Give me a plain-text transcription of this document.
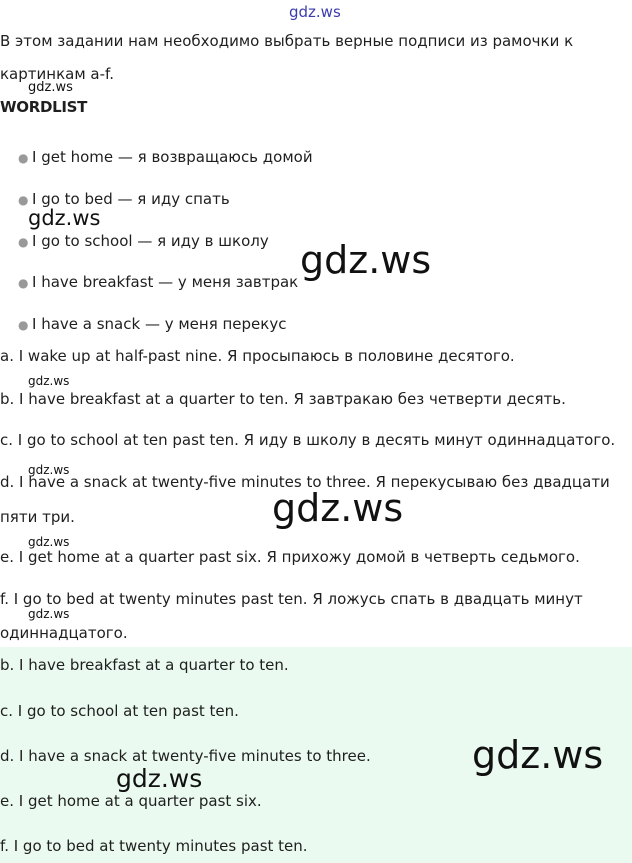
gdz.ws
В этом задании нам необходимо выбрать верные подписи из рамочки к
картинкам a-f.
gdz.ws
WORDLIST
● I get home — я возвращаюсь домой
● I go to bed — я иду спать
● I go to school — я иду в школу
● I have breakfast — у меня завтрак
● I have a snack — у меня перекус
gdz.ws
gdz.ws
a. I wake up at half-past nine. Я просыпаюсь в половине десятого.
gdz.ws
b. I have breakfast at a quarter to ten. Я завтракаю без четверти десять.
c. I go to school at ten past ten. Я иду в школу в десять минут одиннадцатого.
gdz.ws
d. I have a snack at twenty-five minutes to three. Я перекусываю без двадцати
пяти три.	gdz.ws
gdz.ws
e. I get home at a quarter past six. Я прихожу домой в четверть седьмого.
f. I go to bed at twenty minutes past ten. Я ложусь спать в двадцать минут
gdz.ws
одиннадцатого.
b. I have breakfast at a quarter to ten.
c. I go to school at ten past ten.
d. I have a snack at twenty-five minutes to three.
e. I get home at a quarter past six.
f. I go to bed at twenty minutes past ten.
gdz.ws
gdz.ws
